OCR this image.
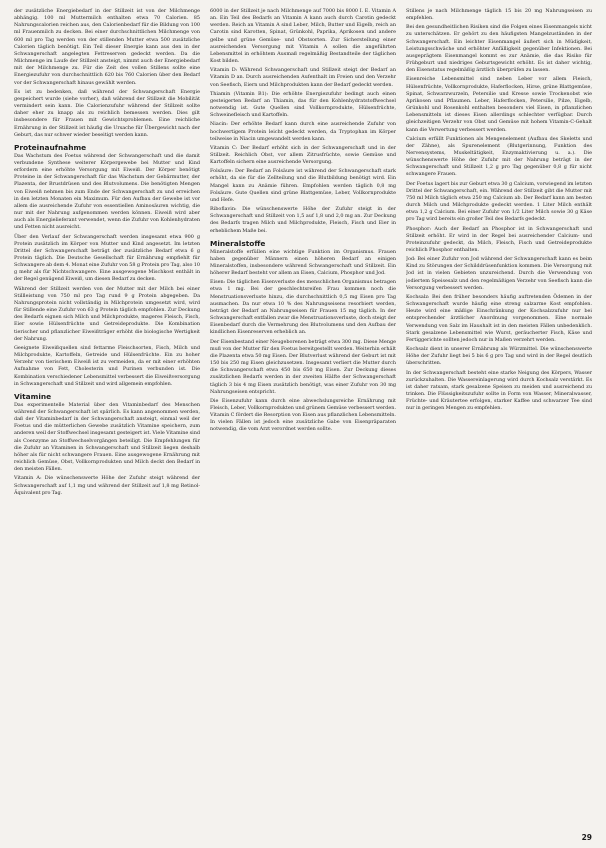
der zusätzliche Energiebedarf in der Stillzeit ist von der Milchmenge abhängig. 100 ml Muttermilch enthalten etwa 70 Calorien. 85 Nahrungscalorien reichen aus, den Calorienbedarf für die Bildung von 100 ml Frauenmilch zu decken. Bei einer durchschnittlichen Milchmenge von 600 ml pro Tag werden von der stillenden Mutter etwa 500 zusätzliche Calorien täglich benötigt. Ein Teil dieser Energie kann aus den in der Schwangerschaft angelegten Fettreserven gedeckt werden. Da die Milchmenge im Laufe der Stillzeit ansteigt, nimmt auch der Energiebedarf mit der Milchmenge zu. Für die Zeit des vollen Stillens sollte eine Energiezufuhr von durchschnittlich 620 bis 760 Calorien über den Bedarf vor der Schwangerschaft hinaus gewählt werden.

Es ist zu bedenken, daß während der Schwangerschaft Energie gespeichert wurde (siehe vorher), daß während der Stillzeit die Mobilität vermindert sein kann. Die Calorienzufuhr während der Stillzeit sollte daher eher zu knapp als zu reichlich bemessen werden. Dies gilt insbesondere für Frauen mit Gewichtsproblemen. Eine reichliche Ernährung in der Stillzeit ist häufig die Ursache für Übergewicht nach der Geburt, das nur schwer wieder beseitigt werden kann.

Proteinaufnahme

Das Wachstum des Foetus während der Schwangerschaft und die damit verbundene Synthese weiterer Körpergewebe bei Mutter und Kind erfordern eine erhöhte Versorgung mit Eiweiß. Der Körper benötigt Proteine in der Schwangerschaft für das Wachstum der Gebärmutter, der Plazenta, der Brustdrüsen und des Blutvolumens. Die benötigten Mengen von Eiweiß nehmen bis zum Ende der Schwangerschaft zu und erreichen in den letzten Monaten ein Maximum. Für den Aufbau der Gewebe ist vor allem die ausreichende Zufuhr von essentiellen Aminosäuren wichtig, die nur mit der Nahrung aufgenommen werden können. Eiweiß wird aber auch als Energielieferant verwendet, wenn die Zufuhr von Kohlenhydraten und Fetten nicht ausreicht.

Über den Verlauf der Schwangerschaft werden insgesamt etwa 900 g Protein zusätzlich im Körper von Mutter und Kind angesetzt. Im letzten Drittel der Schwangerschaft beträgt der zusätzliche Bedarf etwa 6 g Protein täglich. Die Deutsche Gesellschaft für Ernährung empfiehlt für Schwangere ab dem 4. Monat eine Zufuhr von 58 g Protein pro Tag, also 10 g mehr als für Nichtschwangere. Eine ausgewogene Mischkost enthält in der Regel genügend Eiweiß, um diesen Bedarf zu decken.

Während der Stillzeit werden von der Mutter mit der Milch bei einer Stillleistung von 750 ml pro Tag rund 9 g Protein abgegeben. Da Nahrungsprotein nicht vollständig in Milchprotein umgesetzt wird, wird für Stillende eine Zufuhr von 63 g Protein täglich empfohlen. Zur Deckung des Bedarfs eignen sich Milch und Milchprodukte, mageres Fleisch, Fisch, Eier sowie Hülsenfrüchte und Getreideprodukte. Die Kombination tierischer und pflanzlicher Eiweißträger erhöht die biologische Wertigkeit der Nahrung.

Geeignete Eiweißquellen sind fettarme Fleischsorten, Fisch, Milch und Milchprodukte, Kartoffeln, Getreide und Hülsenfrüchte. Ein zu hoher Verzehr von tierischem Eiweiß ist zu vermeiden, da er mit einer erhöhten Aufnahme von Fett, Cholesterin und Purinen verbunden ist. Die Kombination verschiedener Lebensmittel verbessert die Eiweißversorgung in Schwangerschaft und Stillzeit und wird allgemein empfohlen.

Vitamine

Das experimentelle Material über den Vitaminbedarf des Menschen während der Schwangerschaft ist spärlich. Es kann angenommen werden, daß der Vitaminbedarf in der Schwangerschaft ansteigt, einmal weil der Foetus und die mütterlichen Gewebe zusätzlich Vitamine speichern, zum anderen weil der Stoffwechsel insgesamt gesteigert ist. Viele Vitamine sind als Coenzyme an Stoffwechselvorgängen beteiligt. Die Empfehlungen für die Zufuhr an Vitaminen in Schwangerschaft und Stillzeit liegen deshalb höher als für nicht schwangere Frauen. Eine ausgewogene Ernährung mit reichlich Gemüse, Obst, Vollkornprodukten und Milch deckt den Bedarf in den meisten Fällen.

Vitamin A: Die wünschenswerte Höhe der Zufuhr steigt während der Schwangerschaft auf 1,1 mg und während der Stillzeit auf 1,8 mg Retinol-Äquivalent pro Tag.

6000 in der Stillzeit je nach Milchmenge auf 7000 bis 8000 I. E. Vitamin A an. Ein Teil des Bedarfs an Vitamin A kann auch durch Carotin gedeckt werden. Reich an Vitamin A sind Leber, Milch, Butter und Eigelb, reich an Carotin sind Karotten, Spinat, Grünkohl, Paprika, Aprikosen und andere gelbe und grüne Gemüse- und Obstsorten. Zur Sicherstellung einer ausreichenden Versorgung mit Vitamin A sollen die angeführten Lebensmittel in erhöhtem Ausmaß regelmäßig Bestandteile der täglichen Kost bilden.

Vitamin D: Während Schwangerschaft und Stillzeit steigt der Bedarf an Vitamin D an. Durch ausreichenden Aufenthalt im Freien und den Verzehr von Seefisch, Eiern und Milchprodukten kann der Bedarf gedeckt werden.

Thiamin (Vitamin B1): Die erhöhte Energiezufuhr bedingt auch einen gesteigerten Bedarf an Thiamin, das für den Kohlenhydratstoffwechsel notwendig ist. Gute Quellen sind Vollkornprodukte, Hülsenfrüchte, Schweinefleisch und Kartoffeln.

Niacin: Der erhöhte Bedarf kann durch eine ausreichende Zufuhr von hochwertigem Protein leicht gedeckt werden, da Tryptophan im Körper teilweise in Niacin umgewandelt werden kann.

Vitamin C: Der Bedarf erhöht sich in der Schwangerschaft und in der Stillzeit. Reichlich Obst, vor allem Zitrusfrüchte, sowie Gemüse und Kartoffeln sichern eine ausreichende Versorgung.

Folsäure: Der Bedarf an Folsäure ist während der Schwangerschaft stark erhöht, da sie für die Zellteilung und die Blutbildung benötigt wird. Ein Mangel kann zu Anämie führen. Empfohlen werden täglich 0,8 mg Folsäure. Gute Quellen sind grüne Blattgemüse, Leber, Vollkornprodukte und Hefe.

Riboflavin: Die wünschenswerte Höhe der Zufuhr steigt in der Schwangerschaft und Stillzeit von 1,5 auf 1,8 und 2,0 mg an. Zur Deckung des Bedarfs tragen Milch und Milchprodukte, Fleisch, Fisch und Eier in erheblichem Maße bei.

Mineralstoffe

Mineralstoffe erfüllen eine wichtige Funktion im Organismus. Frauen haben gegenüber Männern einen höheren Bedarf an einigen Mineralstoffen, insbesondere während Schwangerschaft und Stillzeit. Ein höherer Bedarf besteht vor allem an Eisen, Calcium, Phosphor und Jod.

Eisen: Die täglichen Eisenverluste des menschlichen Organismus betragen etwa 1 mg. Bei der geschlechtsreifen Frau kommen noch die Menstruationsverluste hinzu, die durchschnittlich 0,5 mg Eisen pro Tag ausmachen. Da nur etwa 10 % des Nahrungseisens resorbiert werden, beträgt der Bedarf an Nahrungseisen für Frauen 15 mg täglich. In der Schwangerschaft entfallen zwar die Menstruationsverluste, doch steigt der Eisenbedarf durch die Vermehrung des Blutvolumens und den Aufbau der kindlichen Eisenreserven erheblich an.

Der Eisenbestand einer Neugeborenen beträgt etwa 300 mg. Diese Menge muß von der Mutter für den Foetus bereitgestellt werden. Weiterhin erhält die Plazenta etwa 50 mg Eisen. Der Blutverlust während der Geburt ist mit 150 bis 250 mg Eisen gleichzusetzen. Insgesamt verliert die Mutter durch die Schwangerschaft etwa 450 bis 650 mg Eisen. Zur Deckung dieses zusätzlichen Bedarfs werden in der zweiten Hälfte der Schwangerschaft täglich 3 bis 4 mg Eisen zusätzlich benötigt, was einer Zufuhr von 30 mg Nahrungseisen entspricht.

Die Eisenzufuhr kann durch eine abwechslungsreiche Ernährung mit Fleisch, Leber, Vollkornprodukten und grünem Gemüse verbessert werden. Vitamin C fördert die Resorption von Eisen aus pflanzlichen Lebensmitteln. In vielen Fällen ist jedoch eine zusätzliche Gabe von Eisenpräparaten notwendig, die vom Arzt verordnet werden sollte.

Stillens je nach Milchmenge täglich 15 bis 20 mg Nahrungseisen zu empfehlen.

Bei den gesundheitlichen Risiken sind die Folgen eines Eisenmangels nicht zu unterschätzen. Er gehört zu den häufigsten Mangelzuständen in der Schwangerschaft. Ein leichter Eisenmangel äußert sich in Müdigkeit, Leistungsschwäche und erhöhter Anfälligkeit gegenüber Infektionen. Bei ausgeprägtem Eisenmangel kommt es zur Anämie, die das Risiko für Frühgeburt und niedriges Geburtsgewicht erhöht. Es ist daher wichtig, den Eisenstatus regelmäßig ärztlich überprüfen zu lassen.

Eisenreiche Lebensmittel sind neben Leber vor allem Fleisch, Hülsenfrüchte, Vollkornprodukte, Haferflocken, Hirse, grüne Blattgemüse, Spinat, Schwarzwurzeln, Petersilie und Kresse sowie Trockenobst wie Aprikosen und Pflaumen. Leber, Haferflocken, Petersilie, Pilze, Eigelb, Grünkohl und Rosenkohl enthalten besonders viel Eisen, in pflanzlichen Lebensmitteln ist dieses Eisen allerdings schlechter verfügbar. Durch gleichzeitigen Verzehr von Obst und Gemüse mit hohem Vitamin-C-Gehalt kann die Verwertung verbessert werden.

Calcium erfüllt Funktionen als Mengenelement (Aufbau des Skeletts und der Zähne), als Spurenelement (Blutgerinnung, Funktion des Nervensystems, Muskeltätigkeit, Enzymaktivierung u. a.). Die wünschenswerte Höhe der Zufuhr mit der Nahrung beträgt in der Schwangerschaft und Stillzeit 1,2 g pro Tag gegenüber 0,8 g für nicht schwangere Frauen.

Der Foetus lagert bis zur Geburt etwa 30 g Calcium, vorwiegend im letzten Drittel der Schwangerschaft, ein. Während der Stillzeit gibt die Mutter mit 750 ml Milch täglich etwa 250 mg Calcium ab. Der Bedarf kann am besten durch Milch und Milchprodukte gedeckt werden. 1 Liter Milch enthält etwa 1,2 g Calcium. Bei einer Zufuhr von 1/2 Liter Milch sowie 30 g Käse pro Tag wird bereits ein großer Teil des Bedarfs gedeckt.

Phosphor: Auch der Bedarf an Phosphor ist in Schwangerschaft und Stillzeit erhöht. Er wird in der Regel bei ausreichender Calcium- und Proteinzufuhr gedeckt, da Milch, Fleisch, Fisch und Getreideprodukte reichlich Phosphor enthalten.

Jod: Bei einer Zufuhr von Jod während der Schwangerschaft kann es beim Kind zu Störungen der Schilddrüsenfunktion kommen. Die Versorgung mit Jod ist in vielen Gebieten unzureichend. Durch die Verwendung von jodiertem Speisesalz und den regelmäßigen Verzehr von Seefisch kann die Versorgung verbessert werden.

Kochsalz: Bei den früher besonders häufig auftretenden Ödemen in der Schwangerschaft wurde häufig eine streng salzarme Kost empfohlen. Heute wird eine mäßige Einschränkung der Kochsalzzufuhr nur bei entsprechender ärztlicher Anordnung vorgenommen. Eine normale Verwendung von Salz im Haushalt ist in den meisten Fällen unbedenklich. Stark gesalzene Lebensmittel wie Wurst, geräucherter Fisch, Käse und Fertiggerichte sollten jedoch nur in Maßen verzehrt werden.

Kochsalz dient in unserer Ernährung als Würzmittel. Die wünschenswerte Höhe der Zufuhr liegt bei 5 bis 6 g pro Tag und wird in der Regel deutlich überschritten.

In der Schwangerschaft besteht eine starke Neigung des Körpers, Wasser zurückzuhalten. Die Wassereinlagerung wird durch Kochsalz verstärkt. Es ist daher ratsam, stark gesalzene Speisen zu meiden und ausreichend zu trinken. Die Flüssigkeitszufuhr sollte in Form von Wasser, Mineralwasser, Früchte- und Kräutertee erfolgen, starker Kaffee und schwarzer Tee sind nur in geringen Mengen zu empfehlen.

29
